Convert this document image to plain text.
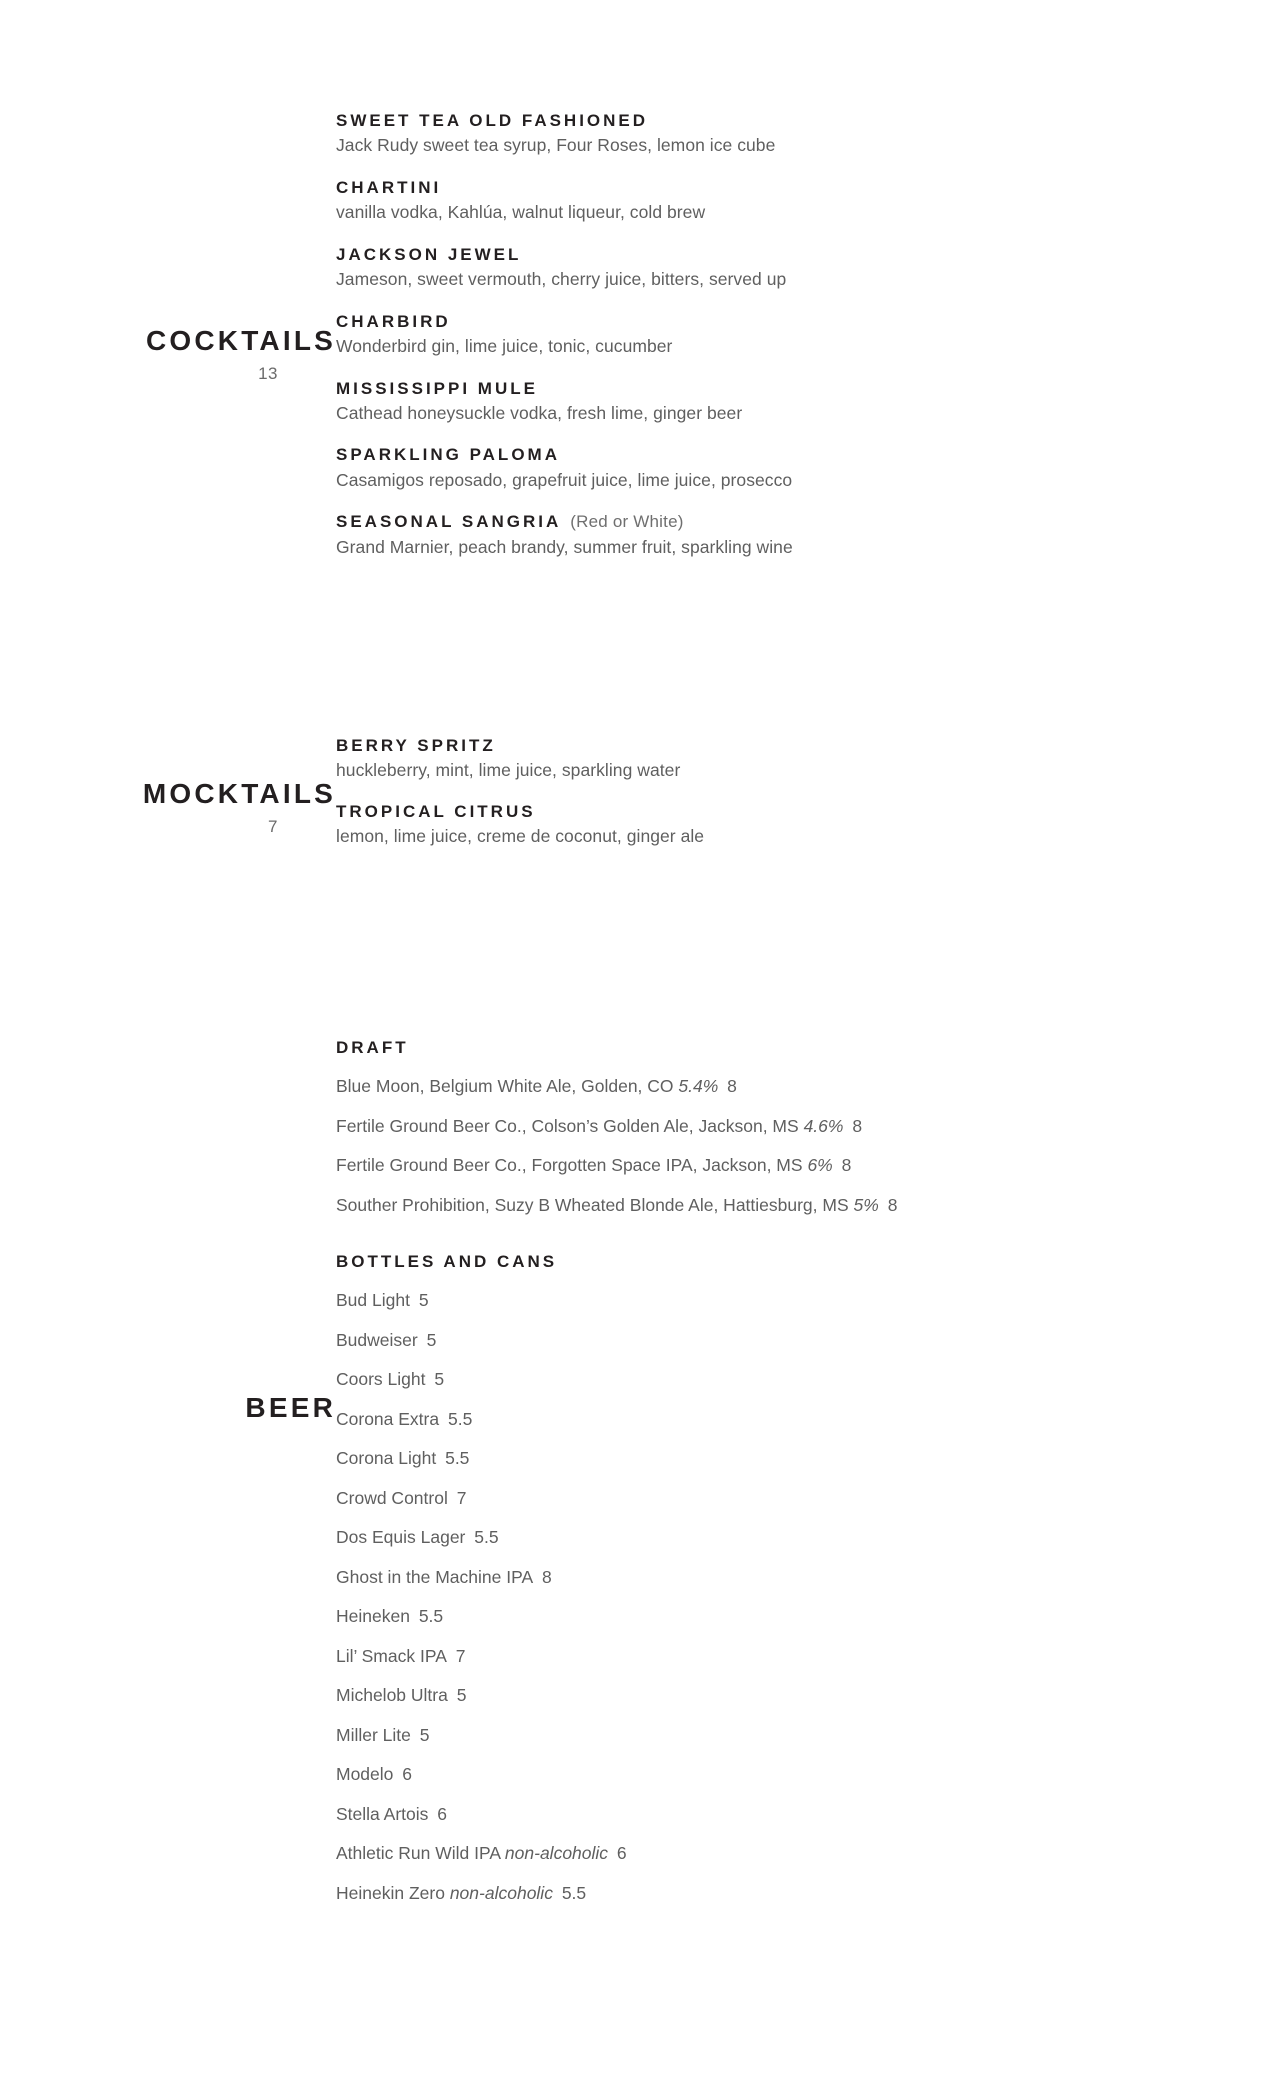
COCKTAILS
13
SWEET TEA OLD FASHIONED
Jack Rudy sweet tea syrup, Four Roses, lemon ice cube
CHARTINI
vanilla vodka, Kahlúa, walnut liqueur, cold brew
JACKSON JEWEL
Jameson, sweet vermouth, cherry juice, bitters, served up
CHARBIRD
Wonderbird gin, lime juice, tonic, cucumber
MISSISSIPPI MULE
Cathead honeysuckle vodka, fresh lime, ginger beer
SPARKLING PALOMA
Casamigos reposado, grapefruit juice, lime juice, prosecco
SEASONAL SANGRIA (Red or White)
Grand Marnier, peach brandy, summer fruit, sparkling wine
MOCKTAILS
7
BERRY SPRITZ
huckleberry, mint, lime juice, sparkling water
TROPICAL CITRUS
lemon, lime juice, creme de coconut, ginger ale
BEER
DRAFT
Blue Moon, Belgium White Ale, Golden, CO 5.4% 8
Fertile Ground Beer Co., Colson’s Golden Ale, Jackson, MS 4.6% 8
Fertile Ground Beer Co., Forgotten Space IPA, Jackson, MS 6% 8
Souther Prohibition, Suzy B Wheated Blonde Ale, Hattiesburg, MS 5% 8
BOTTLES AND CANS
Bud Light 5
Budweiser 5
Coors Light 5
Corona Extra 5.5
Corona Light 5.5
Crowd Control 7
Dos Equis Lager 5.5
Ghost in the Machine IPA 8
Heineken 5.5
Lil’ Smack IPA 7
Michelob Ultra 5
Miller Lite 5
Modelo 6
Stella Artois 6
Athletic Run Wild IPA non-alcoholic 6
Heinekin Zero non-alcoholic 5.5
